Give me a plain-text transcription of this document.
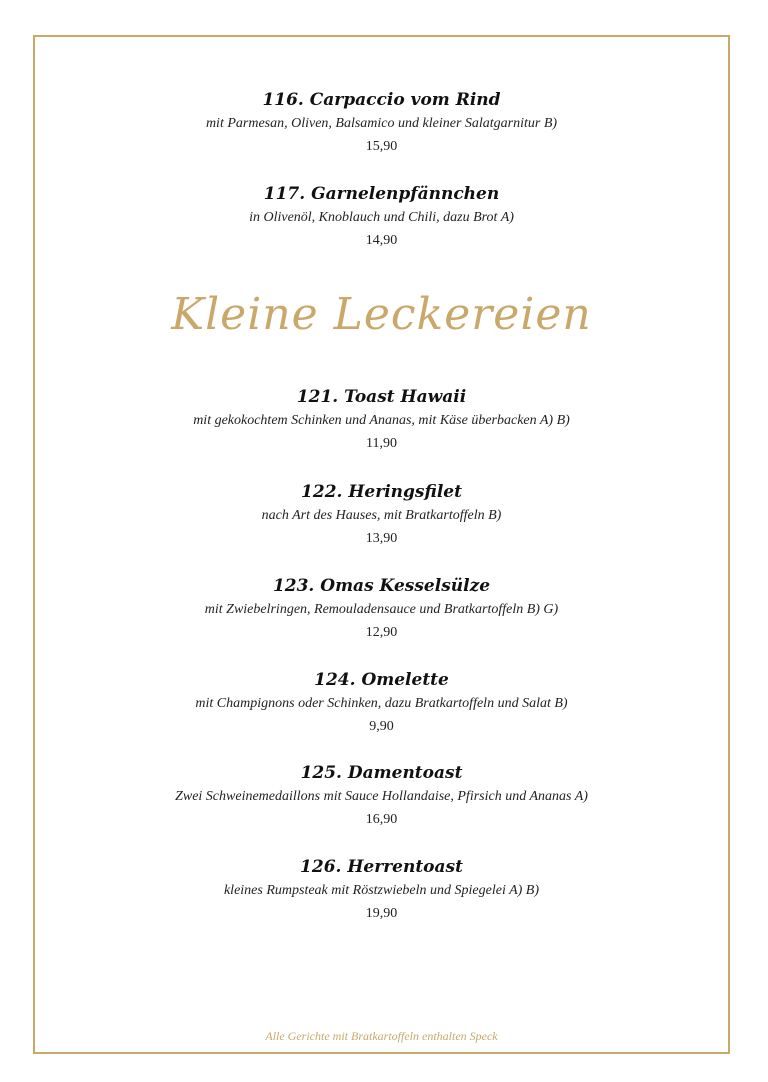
116. Carpaccio vom Rind
mit Parmesan, Oliven, Balsamico und kleiner Salatgarnitur B)
15,90
117. Garnelenpfännchen
in Olivenöl, Knoblauch und Chili, dazu Brot A)
14,90
Kleine Leckereien
121. Toast Hawaii
mit gekokochtem Schinken und Ananas, mit Käse überbacken A) B)
11,90
122. Heringsfilet
nach Art des Hauses, mit Bratkartoffeln B)
13,90
123. Omas Kesselsülze
mit Zwiebelringen, Remouladensauce und Bratkartoffeln B) G)
12,90
124. Omelette
mit Champignons oder Schinken, dazu Bratkartoffeln und Salat B)
9,90
125. Damentoast
Zwei Schweinemedaillons mit Sauce Hollandaise, Pfirsich und Ananas A)
16,90
126. Herrentoast
kleines Rumpsteak mit Röstzwiebeln und Spiegelei A) B)
19,90
Alle Gerichte mit Bratkartoffeln enthalten Speck
